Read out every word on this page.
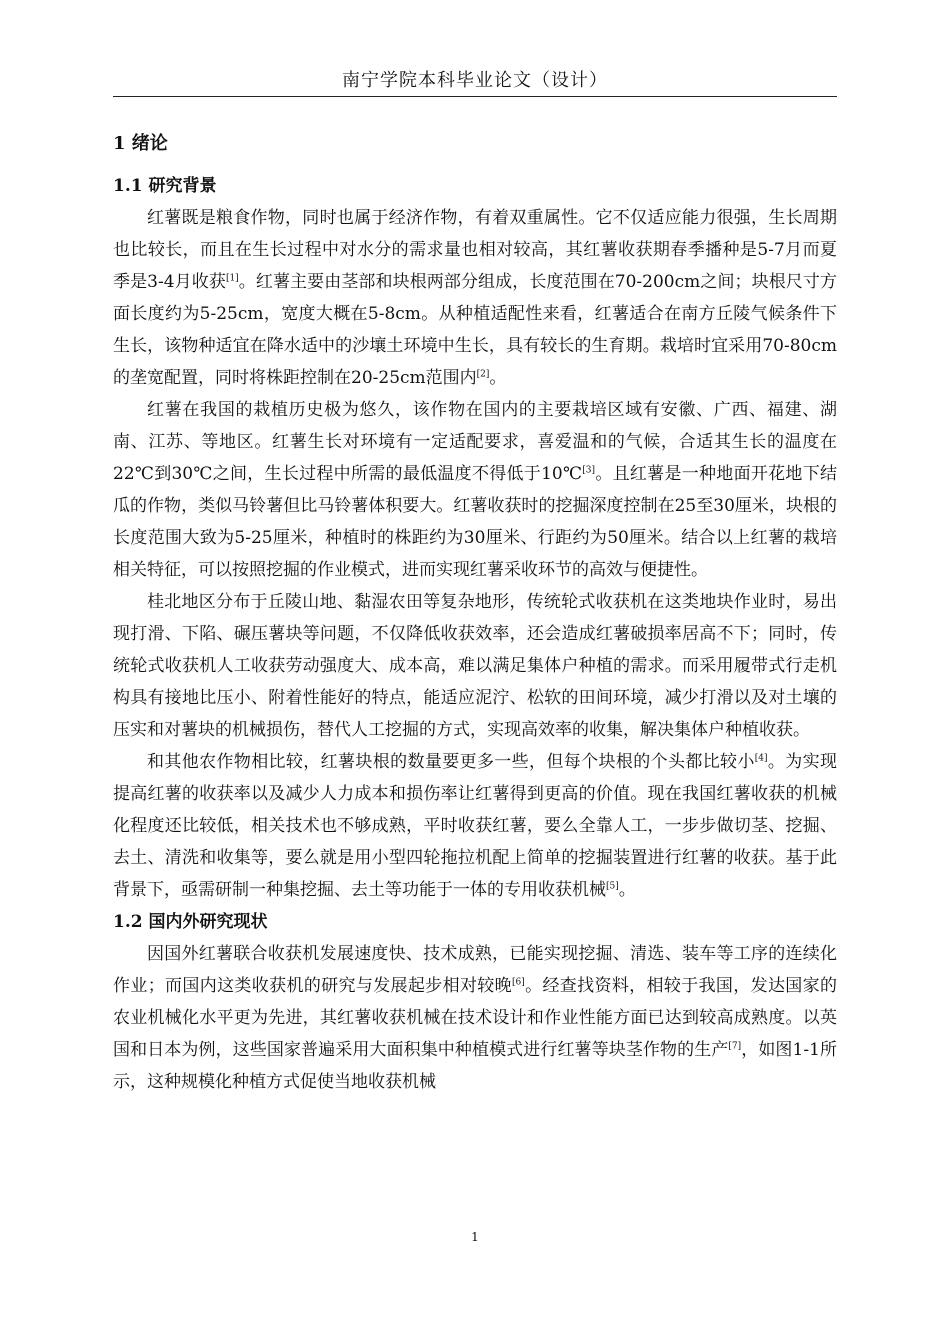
南宁学院本科毕业论文（设计）
1 绪论
1.1 研究背景

红薯既是粮食作物，同时也属于经济作物，有着双重属性。它不仅适应能力很强，生长周期也比较长，而且在生长过程中对水分的需求量也相对较高，其红薯收获期春季播种是5-7月而夏季是3-4月收获[1]。红薯主要由茎部和块根两部分组成，长度范围在70-200cm之间；块根尺寸方面长度约为5-25cm，宽度大概在5-8cm。从种植适配性来看，红薯适合在南方丘陵气候条件下生长，该物种适宜在降水适中的沙壤土环境中生长，具有较长的生育期。栽培时宜采用70-80cm的垄宽配置，同时将株距控制在20-25cm范围内[2]。

红薯在我国的栽植历史极为悠久，该作物在国内的主要栽培区域有安徽、广西、福建、湖南、江苏、等地区。红薯生长对环境有一定适配要求，喜爱温和的气候，合适其生长的温度在22℃到30℃之间，生长过程中所需的最低温度不得低于10℃[3]。且红薯是一种地面开花地下结瓜的作物，类似马铃薯但比马铃薯体积要大。红薯收获时的挖掘深度控制在25至30厘米，块根的长度范围大致为5-25厘米，种植时的株距约为30厘米、行距约为50厘米。结合以上红薯的栽培相关特征，可以按照挖掘的作业模式，进而实现红薯采收环节的高效与便捷性。

桂北地区分布于丘陵山地、黏湿农田等复杂地形，传统轮式收获机在这类地块作业时，易出现打滑、下陷、碾压薯块等问题，不仅降低收获效率，还会造成红薯破损率居高不下；同时，传统轮式收获机人工收获劳动强度大、成本高，难以满足集体户种植的需求。而采用履带式行走机构具有接地比压小、附着性能好的特点，能适应泥泞、松软的田间环境，减少打滑以及对土壤的压实和对薯块的机械损伤，替代人工挖掘的方式，实现高效率的收集，解决集体户种植收获。

和其他农作物相比较，红薯块根的数量要更多一些，但每个块根的个头都比较小[4]。为实现提高红薯的收获率以及减少人力成本和损伤率让红薯得到更高的价值。现在我国红薯收获的机械化程度还比较低，相关技术也不够成熟，平时收获红薯，要么全靠人工，一步步做切茎、挖掘、去土、清洗和收集等，要么就是用小型四轮拖拉机配上简单的挖掘装置进行红薯的收获。基于此背景下，亟需研制一种集挖掘、去土等功能于一体的专用收获机械[5]。

1.2 国内外研究现状

因国外红薯联合收获机发展速度快、技术成熟，已能实现挖掘、清选、装车等工序的连续化作业；而国内这类收获机的研究与发展起步相对较晚[6]。经查找资料，相较于我国，发达国家的农业机械化水平更为先进，其红薯收获机械在技术设计和作业性能方面已达到较高成熟度。以英国和日本为例，这些国家普遍采用大面积集中种植模式进行红薯等块茎作物的生产[7]，如图1-1所示，这种规模化种植方式促使当地收获机械

1
